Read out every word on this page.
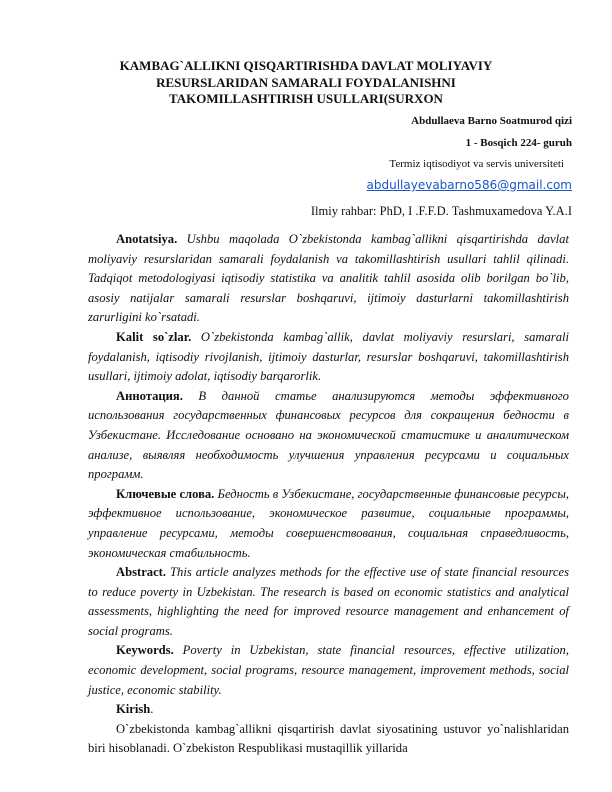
KAMBAG`ALLIKNI QISQARTIRISHDA DAVLAT MOLIYAVIY RESURSLARIDAN SAMARALI FOYDALANISHNI TAKOMILLASHTIRISH USULLARI(SURXON
Abdullaeva Barno Soatmurod qizi
1 - Bosqich 224- guruh
Termiz iqtisodiyot va servis universiteti
abdullayevabarno586@gmail.com
Ilmiy rahbar: PhD, I .F.F.D. Tashmuxamedova Y.A.I

Anotatsiya. Ushbu maqolada O`zbekistonda kambag`allikni qisqartirishda davlat moliyaviy resurslaridan samarali foydalanish va takomillashtirish usullari tahlil qilinadi. Tadqiqot metodologiyasi iqtisodiy statistika va analitik tahlil asosida olib borilgan bo`lib, asosiy natijalar samarali resurslar boshqaruvi, ijtimoiy dasturlarni takomillashtirish zarurligini ko`rsatadi.

Kalit so`zlar. O`zbekistonda kambag`allik, davlat moliyaviy resurslari, samarali foydalanish, iqtisodiy rivojlanish, ijtimoiy dasturlar, resurslar boshqaruvi, takomillashtirish usullari, ijtimoiy adolat, iqtisodiy barqarorlik.

Аннотация. В данной статье анализируются методы эффективного использования государственных финансовых ресурсов для сокращения бедности в Узбекистане. Исследование основано на экономической статистике и аналитическом анализе, выявляя необходимость улучшения управления ресурсами и социальных программ.

Ключевые слова. Бедность в Узбекистане, государственные финансовые ресурсы, эффективное использование, экономическое развитие, социальные программы, управление ресурсами, методы совершенствования, социальная справедливость, экономическая стабильность.

Abstract. This article analyzes methods for the effective use of state financial resources to reduce poverty in Uzbekistan. The research is based on economic statistics and analytical assessments, highlighting the need for improved resource management and enhancement of social programs.

Keywords. Poverty in Uzbekistan, state financial resources, effective utilization, economic development, social programs, resource management, improvement methods, social justice, economic stability.

Kirish.

O`zbekistonda kambag`allikni qisqartirish davlat siyosatining ustuvor yo`nalishlaridan biri hisoblanadi. O`zbekiston Respublikasi mustaqillik yillarida
